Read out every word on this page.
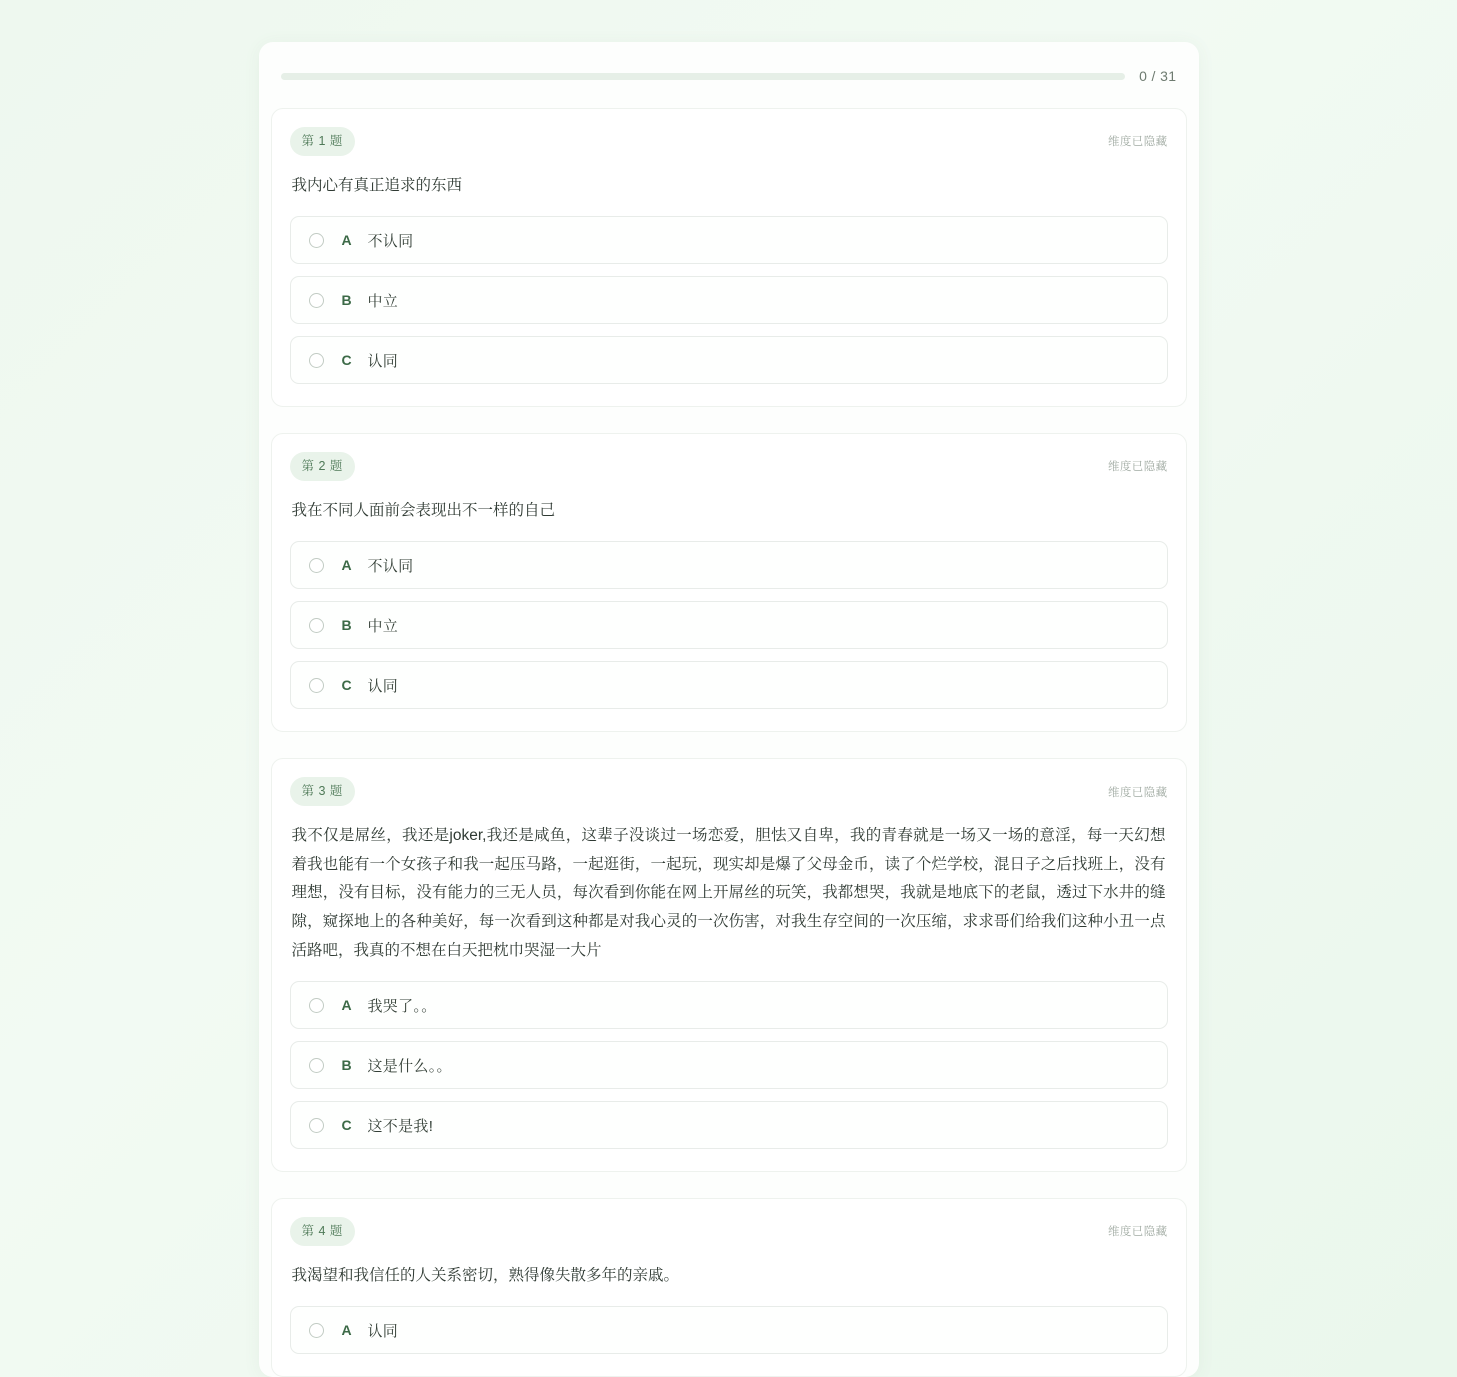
0 / 31
第 1 题	维度已隐藏
我内心有真正追求的东西
A	不认同
B	中立
C	认同
第 2 题	维度已隐藏
我在不同人面前会表现出不一样的自己
A	不认同
B	中立
C	认同
第 3 题	维度已隐藏
我不仅是屌丝，我还是joker,我还是咸鱼，这辈子没谈过一场恋爱，胆怯又自卑，我的青春就是一场又一场的意淫，每一天幻想着我也能有一个女孩子和我一起压马路，一起逛街，一起玩，现实却是爆了父母金币，读了个烂学校，混日子之后找班上，没有理想，没有目标，没有能力的三无人员，每次看到你能在网上开屌丝的玩笑，我都想哭，我就是地底下的老鼠，透过下水井的缝隙，窥探地上的各种美好，每一次看到这种都是对我心灵的一次伤害，对我生存空间的一次压缩，求求哥们给我们这种小丑一点活路吧，我真的不想在白天把枕巾哭湿一大片
A	我哭了。。
B	这是什么。。
C	这不是我!
第 4 题	维度已隐藏
我渴望和我信任的人关系密切，熟得像失散多年的亲戚。
A	认同
